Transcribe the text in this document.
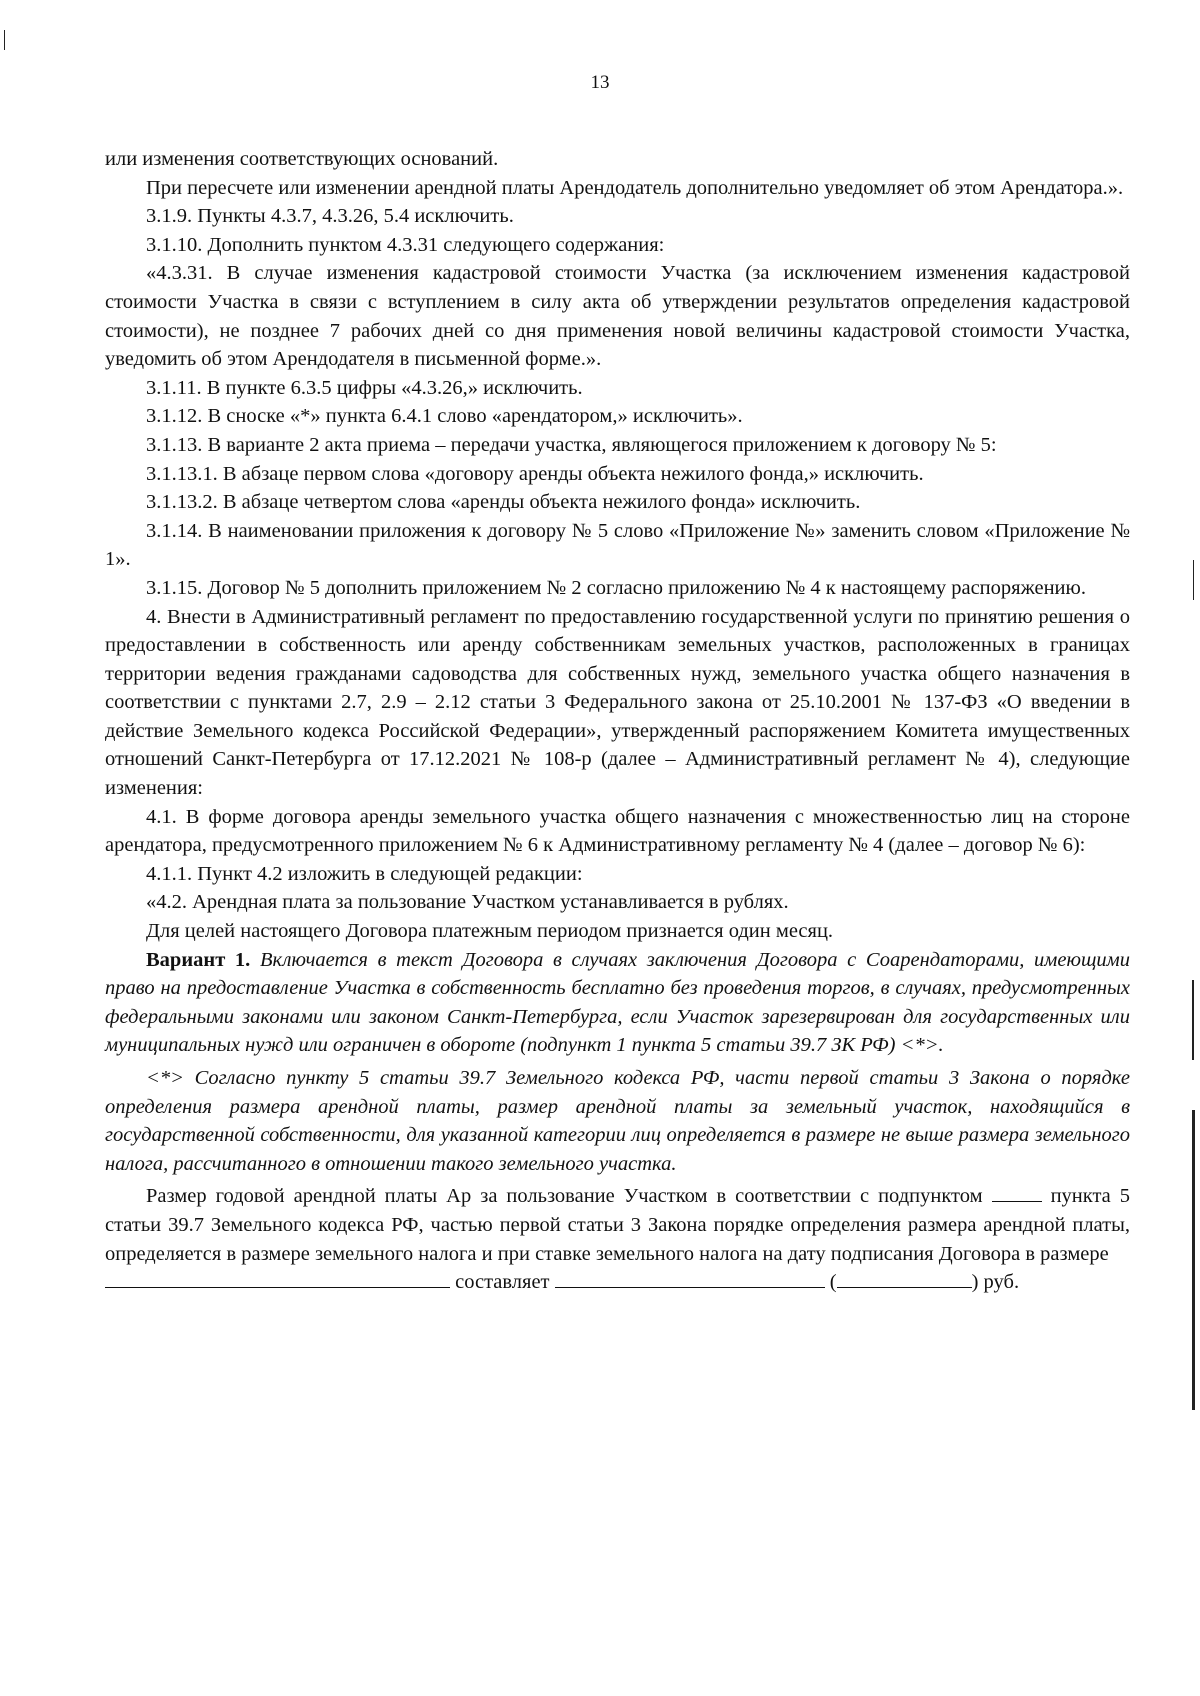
13

или изменения соответствующих оснований.

При пересчете или изменении арендной платы Арендодатель дополнительно уведомляет об этом Арендатора.».

3.1.9. Пункты 4.3.7, 4.3.26, 5.4 исключить.

3.1.10. Дополнить пунктом 4.3.31 следующего содержания:

«4.3.31. В случае изменения кадастровой стоимости Участка (за исключением изменения кадастровой стоимости Участка в связи с вступлением в силу акта об утверждении результатов определения кадастровой стоимости), не позднее 7 рабочих дней со дня применения новой величины кадастровой стоимости Участка, уведомить об этом Арендодателя в письменной форме.».

3.1.11. В пункте 6.3.5 цифры «4.3.26,» исключить.

3.1.12. В сноске «*» пункта 6.4.1 слово «арендатором,» исключить».

3.1.13. В варианте 2 акта приема – передачи участка, являющегося приложением к договору № 5:

3.1.13.1. В абзаце первом слова «договору аренды объекта нежилого фонда,» исключить.

3.1.13.2. В абзаце четвертом слова «аренды объекта нежилого фонда» исключить.

3.1.14. В наименовании приложения к договору № 5 слово «Приложение №» заменить словом «Приложение № 1».

3.1.15. Договор № 5 дополнить приложением № 2 согласно приложению № 4 к настоящему распоряжению.

4. Внести в Административный регламент по предоставлению государственной услуги по принятию решения о предоставлении в собственность или аренду собственникам земельных участков, расположенных в границах территории ведения гражданами садоводства для собственных нужд, земельного участка общего назначения в соответствии с пунктами 2.7, 2.9 – 2.12 статьи 3 Федерального закона от 25.10.2001 № 137-ФЗ «О введении в действие Земельного кодекса Российской Федерации», утвержденный распоряжением Комитета имущественных отношений Санкт-Петербурга от 17.12.2021 № 108-р (далее – Административный регламент № 4), следующие изменения:

4.1. В форме договора аренды земельного участка общего назначения с множественностью лиц на стороне арендатора, предусмотренного приложением № 6 к Административному регламенту № 4 (далее – договор № 6):

4.1.1. Пункт 4.2 изложить в следующей редакции:

«4.2. Арендная плата за пользование Участком устанавливается в рублях.

Для целей настоящего Договора платежным периодом признается один месяц.

Вариант 1. Включается в текст Договора в случаях заключения Договора с Соарендаторами, имеющими право на предоставление Участка в собственность бесплатно без проведения торгов, в случаях, предусмотренных федеральными законами или законом Санкт-Петербурга, если Участок зарезервирован для государственных или муниципальных нужд или ограничен в обороте (подпункт 1 пункта 5 статьи 39.7 ЗК РФ) <*>.

<*> Согласно пункту 5 статьи 39.7 Земельного кодекса РФ, части первой статьи 3 Закона о порядке определения размера арендной платы, размер арендной платы за земельный участок, находящийся в государственной собственности, для указанной категории лиц определяется в размере не выше размера земельного налога, рассчитанного в отношении такого земельного участка.

Размер годовой арендной платы Ар за пользование Участком в соответствии с подпунктом	пункта 5 статьи 39.7 Земельного кодекса РФ, частью первой статьи 3 Закона порядке определения размера арендной платы, определяется в размере земельного налога и при ставке земельного налога на дату подписания Договора в размере

составляет	(	) руб.
